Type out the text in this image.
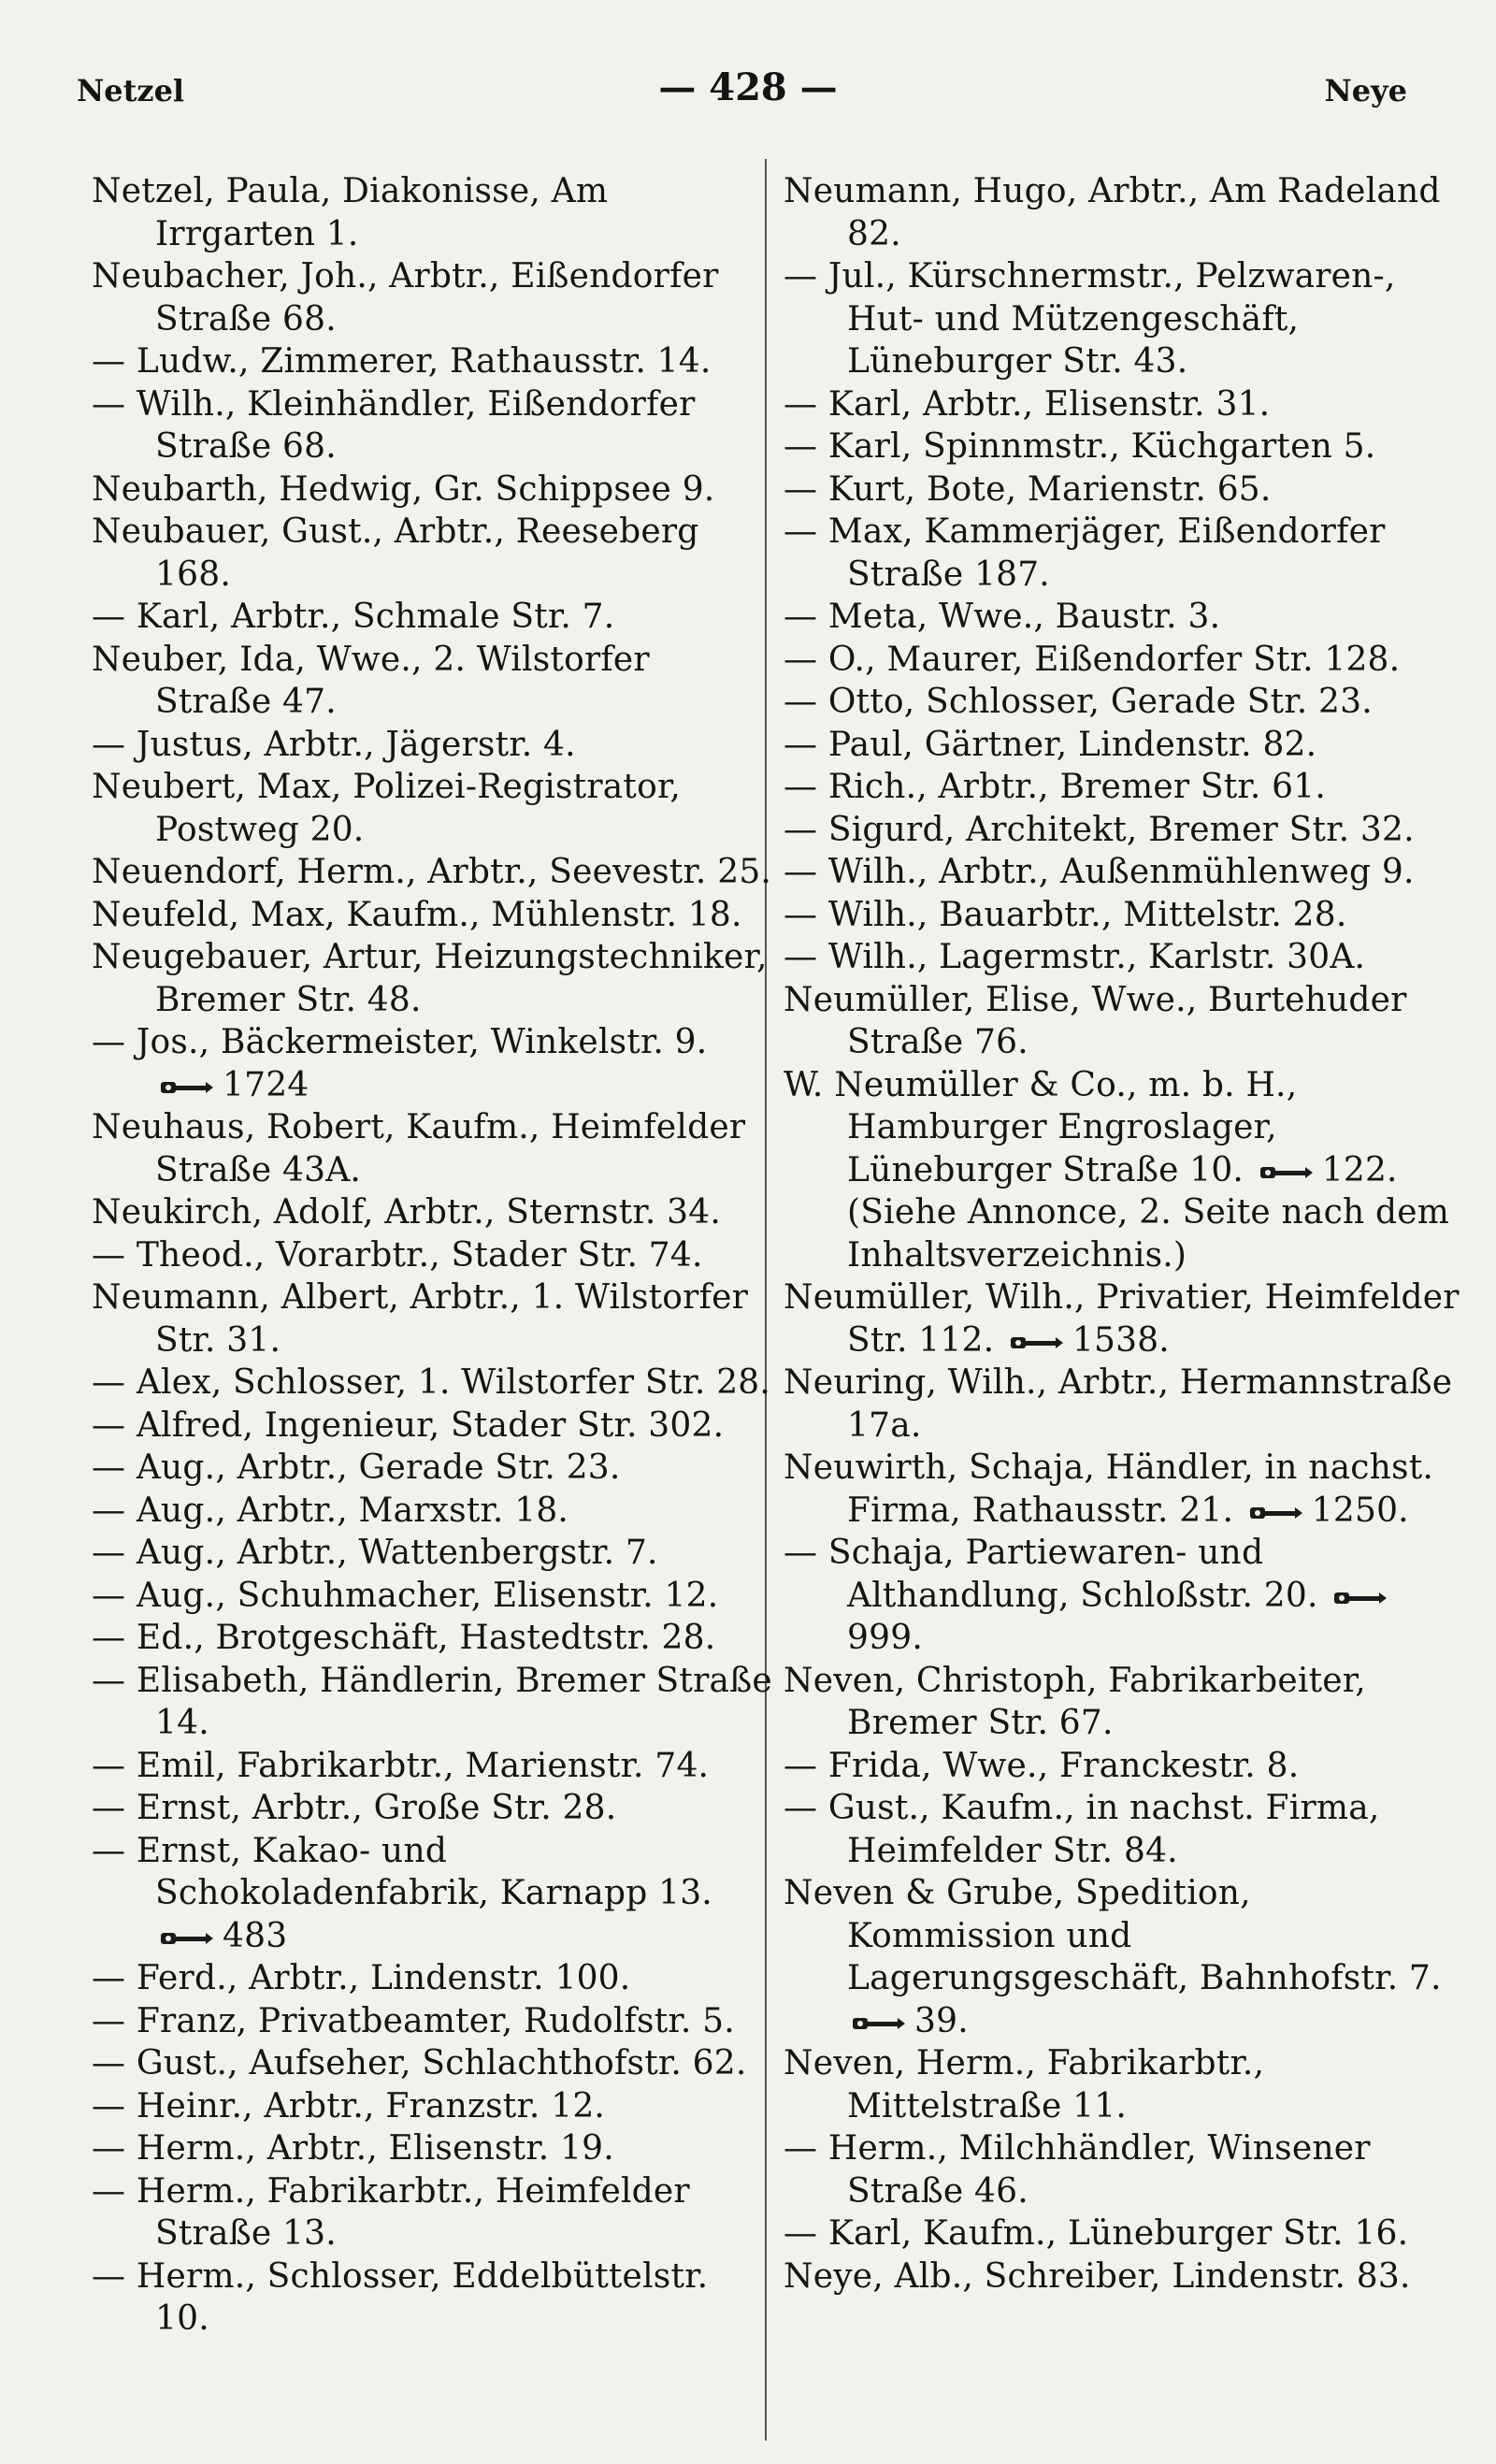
Netzel	— 428 —	Neye
Netzel, Paula, Diakonisse, Am Irrgarten 1.
Neubacher, Joh., Arbtr., Eißendorfer Straße 68.
— Ludw., Zimmerer, Rathausstr. 14.
— Wilh., Kleinhändler, Eißendorfer Straße 68.
Neubarth, Hedwig, Gr. Schippsee 9.
Neubauer, Gust., Arbtr., Reeseberg 168.
— Karl, Arbtr., Schmale Str. 7.
Neuber, Ida, Wwe., 2. Wilstorfer Straße 47.
— Justus, Arbtr., Jägerstr. 4.
Neubert, Max, Polizei-Registrator, Postweg 20.
Neuendorf, Herm., Arbtr., Seevestr. 25.
Neufeld, Max, Kaufm., Mühlenstr. 18.
Neugebauer, Artur, Heizungstechniker, Bremer Str. 48.
— Jos., Bäckermeister, Winkelstr. 9. 1724
Neuhaus, Robert, Kaufm., Heimfelder Straße 43A.
Neukirch, Adolf, Arbtr., Sternstr. 34.
— Theod., Vorarbtr., Stader Str. 74.
Neumann, Albert, Arbtr., 1. Wilstorfer Str. 31.
— Alex, Schlosser, 1. Wilstorfer Str. 28.
— Alfred, Ingenieur, Stader Str. 302.
— Aug., Arbtr., Gerade Str. 23.
— Aug., Arbtr., Marxstr. 18.
— Aug., Arbtr., Wattenbergstr. 7.
— Aug., Schuhmacher, Elisenstr. 12.
— Ed., Brotgeschäft, Hastedtstr. 28.
— Elisabeth, Händlerin, Bremer Straße 14.
— Emil, Fabrikarbtr., Marienstr. 74.
— Ernst, Arbtr., Große Str. 28.
— Ernst, Kakao- und Schokoladenfabrik, Karnapp 13. 483
— Ferd., Arbtr., Lindenstr. 100.
— Franz, Privatbeamter, Rudolfstr. 5.
— Gust., Aufseher, Schlachthofstr. 62.
— Heinr., Arbtr., Franzstr. 12.
— Herm., Arbtr., Elisenstr. 19.
— Herm., Fabrikarbtr., Heimfelder Straße 13.
— Herm., Schlosser, Eddelbüttelstr. 10.
Neumann, Hugo, Arbtr., Am Radeland 82.
— Jul., Kürschnermstr., Pelzwaren-, Hut- und Mützengeschäft, Lüneburger Str. 43.
— Karl, Arbtr., Elisenstr. 31.
— Karl, Spinnmstr., Küchgarten 5.
— Kurt, Bote, Marienstr. 65.
— Max, Kammerjäger, Eißendorfer Straße 187.
— Meta, Wwe., Baustr. 3.
— O., Maurer, Eißendorfer Str. 128.
— Otto, Schlosser, Gerade Str. 23.
— Paul, Gärtner, Lindenstr. 82.
— Rich., Arbtr., Bremer Str. 61.
— Sigurd, Architekt, Bremer Str. 32.
— Wilh., Arbtr., Außenmühlenweg 9.
— Wilh., Bauarbtr., Mittelstr. 28.
— Wilh., Lagermstr., Karlstr. 30A.
Neumüller, Elise, Wwe., Burtehuder Straße 76.
W. Neumüller & Co., m. b. H., Hamburger Engroslager, Lüneburger Straße 10. 122. (Siehe Annonce, 2. Seite nach dem Inhaltsverzeichnis.)
Neumüller, Wilh., Privatier, Heimfelder Str. 112. 1538.
Neuring, Wilh., Arbtr., Hermannstraße 17a.
Neuwirth, Schaja, Händler, in nachst. Firma, Rathausstr. 21. 1250.
— Schaja, Partiewaren- und Althandlung, Schloßstr. 20. 999.
Neven, Christoph, Fabrikarbeiter, Bremer Str. 67.
— Frida, Wwe., Franckestr. 8.
— Gust., Kaufm., in nachst. Firma, Heimfelder Str. 84.
Neven & Grube, Spedition, Kommission und Lagerungsgeschäft, Bahnhofstr. 7. 39.
Neven, Herm., Fabrikarbtr., Mittelstraße 11.
— Herm., Milchhändler, Winsener Straße 46.
— Karl, Kaufm., Lüneburger Str. 16.
Neye, Alb., Schreiber, Lindenstr. 83.
